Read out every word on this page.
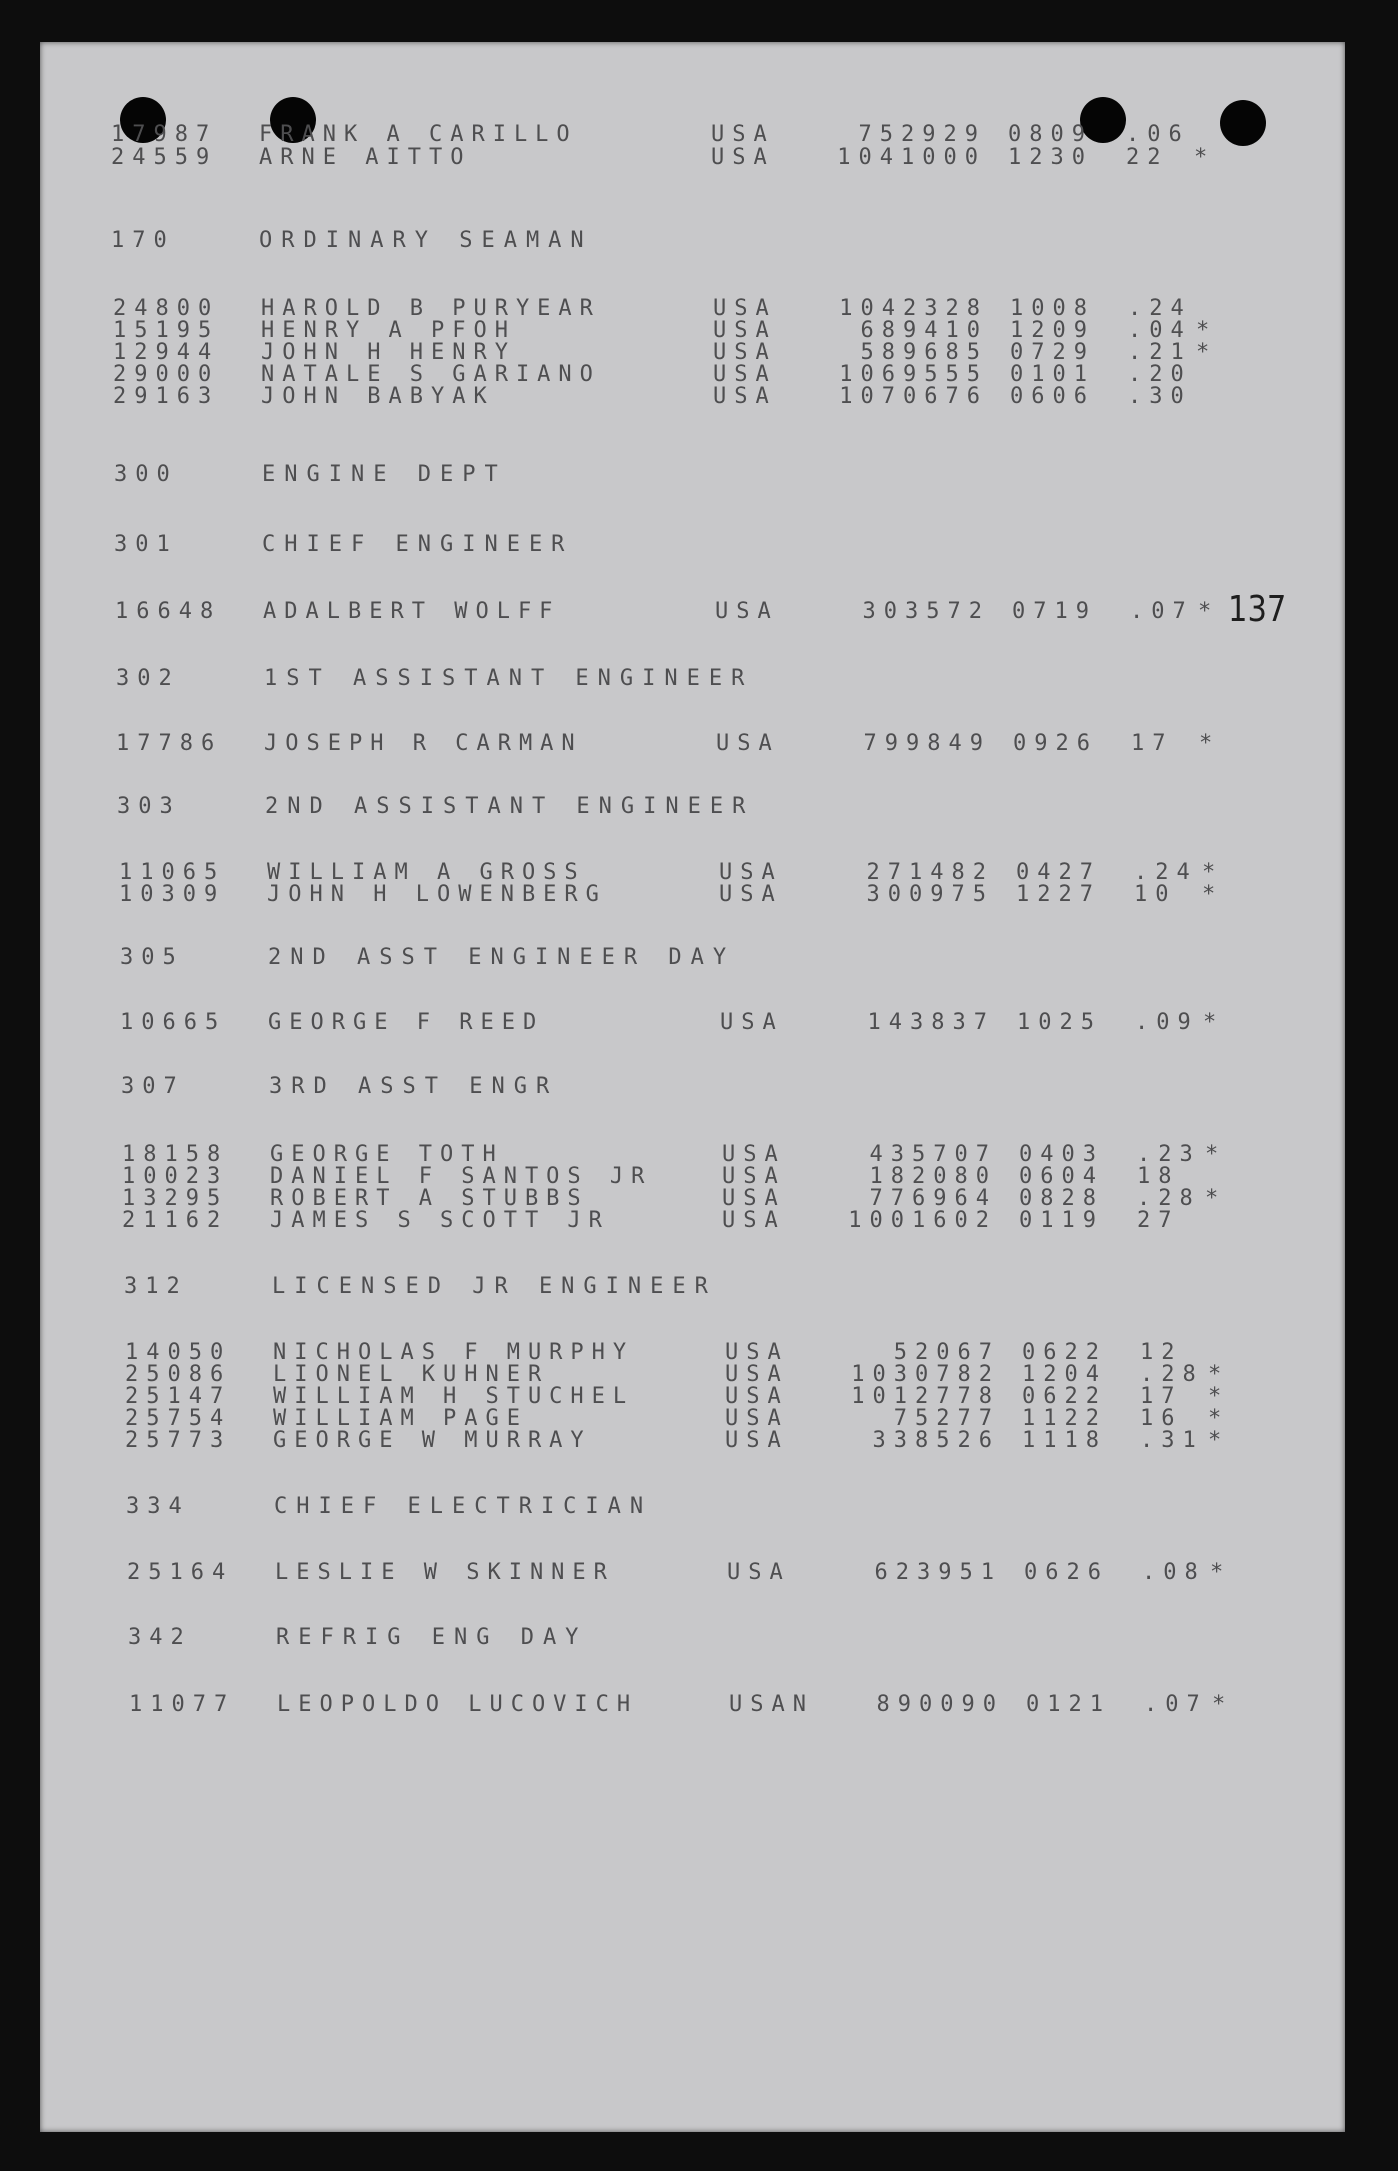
137
17987 FRANK A CARILLO	USA	752929 0809 .06
24559 ARNE AITTO	USA	1041000 1230 22 *
170	ORDINARY SEAMAN
24800 HAROLD B PURYEAR	USA	1042328 1008 .24
15195 HENRY A PFOH	USA	689410 1209 .04 *
12944 JOHN H HENRY	USA	589685 0729 .21 *
29000 NATALE S GARIANO	USA	1069555 0101 .20
29163 JOHN BABYAK	USA	1070676 0606 .30
300	ENGINE DEPT
301	CHIEF ENGINEER
16648 ADALBERT WOLFF	USA	303572 0719 .07 *
302	1ST ASSISTANT ENGINEER
17786 JOSEPH R CARMAN	USA	799849 0926 17 *
303	2ND ASSISTANT ENGINEER
11065 WILLIAM A GROSS	USA	271482 0427 .24 *
10309 JOHN H LOWENBERG	USA	300975 1227 10 *
305	2ND ASST ENGINEER DAY
10665 GEORGE F REED	USA	143837 1025 .09 *
307	3RD ASST ENGR
18158 GEORGE TOTH	USA	435707 0403 .23 *
10023 DANIEL F SANTOS JR	USA	182080 0604 18
13295 ROBERT A STUBBS	USA	776964 0828 .28 *
21162 JAMES S SCOTT JR	USA	1001602 0119 27
312	LICENSED JR ENGINEER
14050 NICHOLAS F MURPHY	USA	52067 0622 12
25086 LIONEL KUHNER	USA	1030782 1204 .28 *
25147 WILLIAM H STUCHEL	USA	1012778 0622 17 *
25754 WILLIAM PAGE	USA	75277 1122 16 *
25773 GEORGE W MURRAY	USA	338526 1118 .31 *
334	CHIEF ELECTRICIAN
25164 LESLIE W SKINNER	USA	623951 0626 .08 *
342	REFRIG ENG DAY
11077 LEOPOLDO LUCOVICH	USAN	890090 0121 .07 *
